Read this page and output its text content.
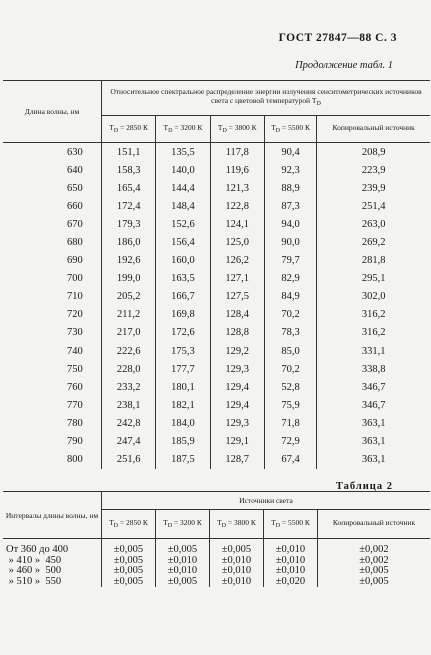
ГОСТ 27847—88 С. 3
Продолжение табл. 1
Длина волны, нм	Относительное спектральное распределение энергии излучения сенситометрических источников света с цветовой температурой $Т_D$
	$Т_D = 2850$ К	$Т_D = 3200$ К	$Т_D = 3800$ К	$Т_D = 5500$ К	Копировальный источник
630	151,1	135,5	117,8	90,4	208,9
640	158,3	140,0	119,6	92,3	223,9
650	165,4	144,4	121,3	88,9	239,9
660	172,4	148,4	122,8	87,3	251,4
670	179,3	152,6	124,1	94,0	263,0
680	186,0	156,4	125,0	90,0	269,2
690	192,6	160,0	126,2	79,7	281,8
700	199,0	163,5	127,1	82,9	295,1
710	205,2	166,7	127,5	84,9	302,0
720	211,2	169,8	128,4	70,2	316,2
730	217,0	172,6	128,8	78,3	316,2
740	222,6	175,3	129,2	85,0	331,1
750	228,0	177,7	129,3	70,2	338,8
760	233,2	180,1	129,4	52,8	346,7
770	238,1	182,1	129,4	75,9	346,7
780	242,8	184,0	129,3	71,8	363,1
790	247,4	185,9	129,1	72,9	363,1
800	251,6	187,5	128,7	67,4	363,1
Таблица 2
Интервалы длины волны, нм	Источники света				
	$Т_D = 2850$ К	$Т_D = 3200$ К	$Т_D = 3800$ К	$Т_D = 5500$ К	Копировальный источник
От 360 до 400	±0,005	±0,005	±0,005	±0,010	±0,002
» 410 »  450	±0,005	±0,010	±0,010	±0,010	±0,002
» 460 »  500	±0,005	±0,010	±0,010	±0,010	±0,005
» 510 »  550	±0,005	±0,005	±0,010	±0,020	±0,005
